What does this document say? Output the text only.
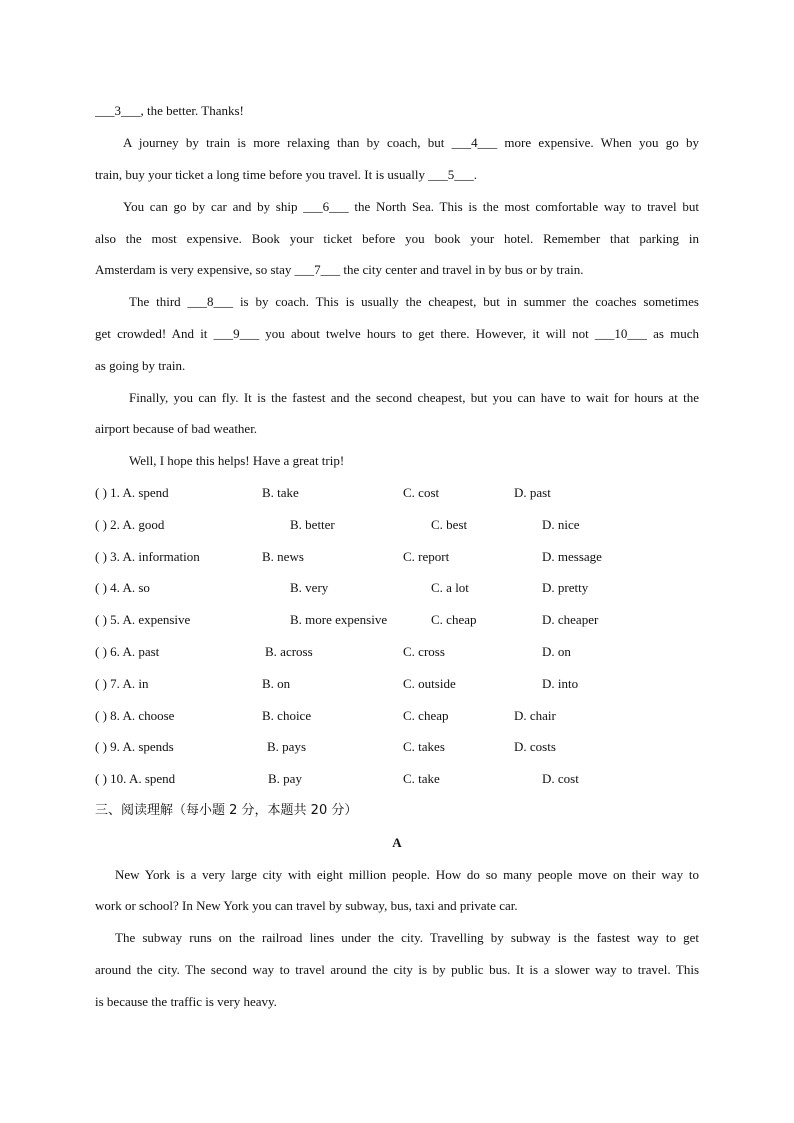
___3___, the better. Thanks!
A journey by train is more relaxing than by coach, but ___4___ more expensive. When you go by
train, buy your ticket a long time before you travel. It is usually ___5___.
You can go by car and by ship ___6___ the North Sea. This is the most comfortable way to travel but
also the most expensive. Book your ticket before you book your hotel. Remember that parking in
Amsterdam is very expensive, so stay ___7___ the city center and travel in by bus or by train.
The third ___8___ is by coach. This is usually the cheapest, but in summer the coaches sometimes
get crowded! And it ___9___ you about twelve hours to get there. However, it will not ___10___ as much
as going by train.
Finally, you can fly. It is the fastest and the second cheapest, but you can have to wait for hours at the
airport because of bad weather.
Well, I hope this helps! Have a great trip!
( ) 1. A. spend	B. take	C. cost	D. past
( ) 2. A. good	B. better	C. best	D. nice
( ) 3. A. information	B. news	C. report	D. message
( ) 4. A. so	B. very	C. a lot	D. pretty
( ) 5. A. expensive	B. more expensive	C. cheap	D. cheaper
( ) 6. A. past	B. across	C. cross	D. on
( ) 7. A. in	B. on	C. outside	D. into
( ) 8. A. choose	B. choice	C. cheap	D. chair
( ) 9. A. spends	B. pays	C. takes	D. costs
( ) 10. A. spend	B. pay	C. take	D. cost
三、阅读理解（每小题 2 分，本题共 20 分）
A
New York is a very large city with eight million people. How do so many people move on their way to
work or school? In New York you can travel by subway, bus, taxi and private car.
The subway runs on the railroad lines under the city. Travelling by subway is the fastest way to get
around the city. The second way to travel around the city is by public bus. It is a slower way to travel. This
is because the traffic is very heavy.
